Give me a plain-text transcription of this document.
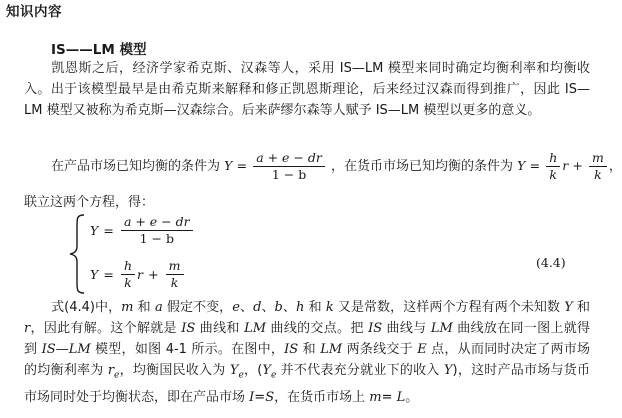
知识内容
IS——LM 模型
凯恩斯之后，经济学家希克斯、汉森等人，采用 IS—LM 模型来同时确定均衡利率和均衡收入。出于该模型最早是由希克斯来解释和修正凯恩斯理论，后来经过汉森而得到推广，因此 IS—LM 模型又被称为希克斯—汉森综合。后来萨缪尔森等人赋予 IS—LM 模型以更多的意义。
在产品市场已知均衡的条件为 $Y = \frac{a + e - dr}{1 - b}$ ，在货币市场已知均衡的条件为 $Y = \frac{h}{k}$ $r + \frac{m}{k}$ ，
联立这两个方程，得：
$Y = \frac{a + e - dr}{1 - b}$
$Y = \frac{h}{k}$ $r + \frac{m}{k}$	(4.4)
式(4.4)中，m 和 a 假定不变，e、d、b、h 和 k 又是常数，这样两个方程有两个未知数 Y 和 r，因此有解。这个解就是 IS 曲线和 LM 曲线的交点。把 IS 曲线与 LM 曲线放在同一图上就得到 IS—LM 模型，如图 4-1 所示。在图中，IS 和 LM 两条线交于 E 点，从而同时决定了两市场的均衡利率为 $r_e$，均衡国民收入为 $Y_e$，($Y_e$ 并不代表充分就业下的收入 Y)，这时产品市场与货币市场同时处于均衡状态，即在产品市场 I=S，在货币市场上 m= L。
